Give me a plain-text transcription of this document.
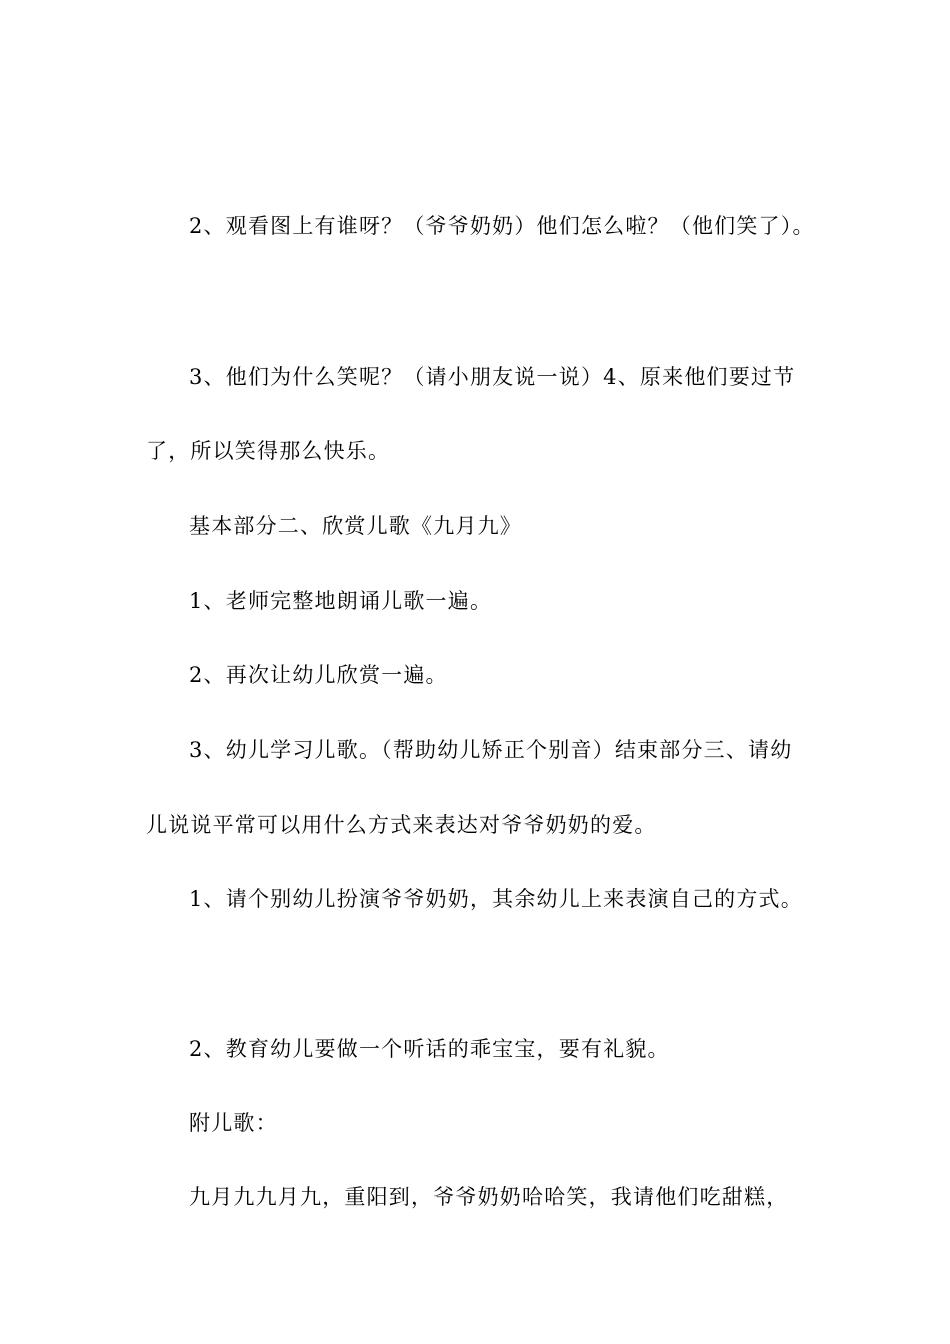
2、观看图上有谁呀？（爷爷奶奶）他们怎么啦？（他们笑了）。
3、他们为什么笑呢？（请小朋友说一说）4、原来他们要过节
了，所以笑得那么快乐。
基本部分二、欣赏儿歌《九月九》
1、老师完整地朗诵儿歌一遍。
2、再次让幼儿欣赏一遍。
3、幼儿学习儿歌。（帮助幼儿矫正个别音）结束部分三、请幼
儿说说平常可以用什么方式来表达对爷爷奶奶的爱。
1、请个别幼儿扮演爷爷奶奶，其余幼儿上来表演自己的方式。
2、教育幼儿要做一个听话的乖宝宝，要有礼貌。
附儿歌：
九月九九月九，重阳到，爷爷奶奶哈哈笑，我请他们吃甜糕，
